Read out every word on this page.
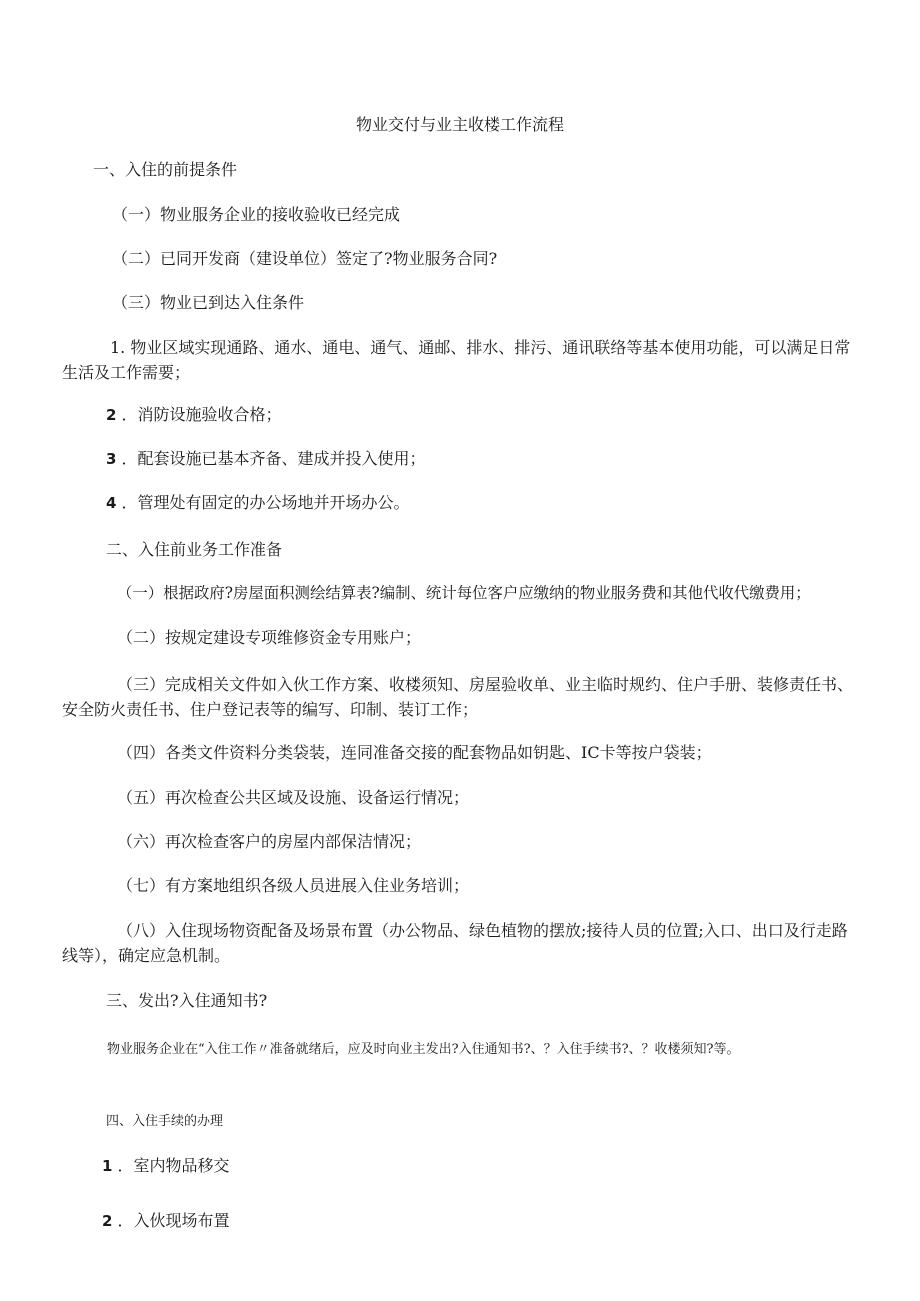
物业交付与业主收楼工作流程

一、入住的前提条件

（一）物业服务企业的接收验收已经完成

（二）已同开发商（建设单位）签定了?物业服务合同?

（三）物业已到达入住条件

1. 物业区域实现通路、通水、通电、通气、通邮、排水、排污、通讯联络等基本使用功能，可以满足日常生活及工作需要；

2 ．消防设施验收合格；

3 ．配套设施已基本齐备、建成并投入使用；

4 ．管理处有固定的办公场地并开场办公。

二、入住前业务工作准备

（一）根据政府?房屋面积测绘结算表?编制、统计每位客户应缴纳的物业服务费和其他代收代缴费用；

（二）按规定建设专项维修资金专用账户；

（三）完成相关文件如入伙工作方案、收楼须知、房屋验收单、业主临时规约、住户手册、装修责任书、安全防火责任书、住户登记表等的编写、印制、装订工作；

（四）各类文件资料分类袋装，连同准备交接的配套物品如钥匙、IC卡等按户袋装；

（五）再次检查公共区域及设施、设备运行情况；

（六）再次检查客户的房屋内部保洁情况；

（七）有方案地组织各级人员进展入住业务培训；

（八）入住现场物资配备及场景布置（办公物品、绿色植物的摆放;接待人员的位置;入口、出口及行走路线等），确定应急机制。

三、发出?入住通知书?

物业服务企业在“入住工作〃准备就绪后，应及时向业主发出?入住通知书?、？入住手续书?、？收楼须知?等。

四、入住手续的办理

1 ．室内物品移交

2 ．入伙现场布置
